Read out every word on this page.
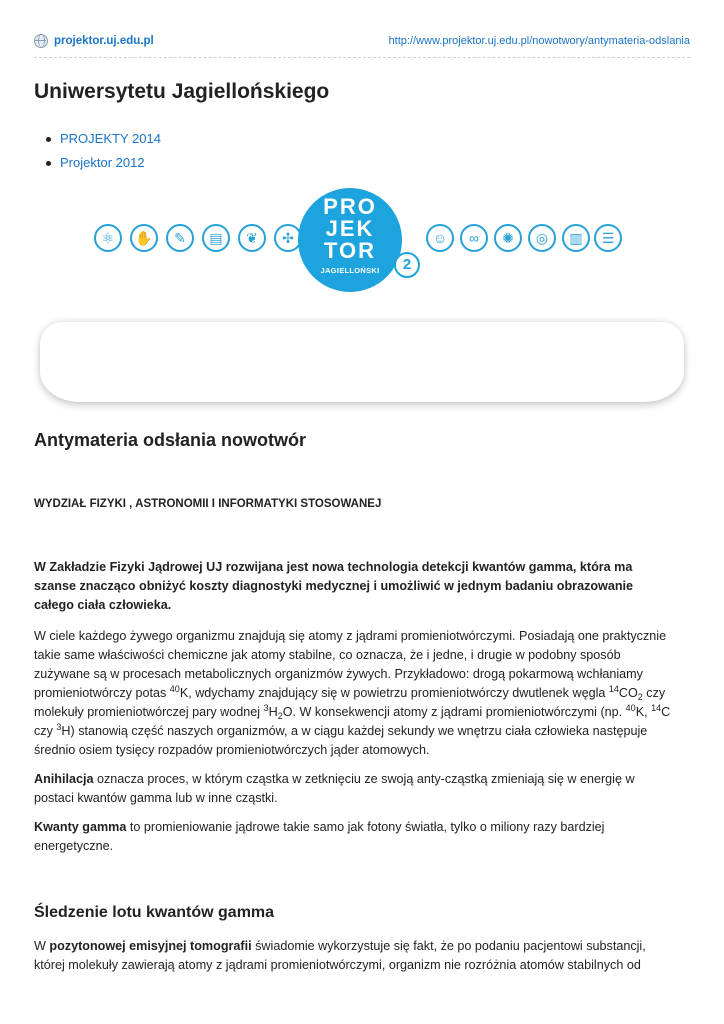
projektor.uj.edu.pl	http://www.projektor.uj.edu.pl/nowotwory/antymateria-odslania
Uniwersytetu Jagiellońskiego
PROJEKTY 2014
Projektor 2012
⚛	✋	✎	▤	❦	✣
PRO
JEK
TOR
JAGIELLOŃSKI	2
☺	∞	✺	◎	▥	☰
Antymateria odsłania nowotwór
WYDZIAŁ FIZYKI , ASTRONOMII I INFORMATYKI STOSOWANEJ

W Zakładzie Fizyki Jądrowej UJ rozwijana jest nowa technologia detekcji kwantów gamma, która ma szanse znacząco obniżyć koszty diagnostyki medycznej i umożliwić w jednym badaniu obrazowanie całego ciała człowieka.

W ciele każdego żywego organizmu znajdują się atomy z jądrami promieniotwórczymi. Posiadają one praktycznie takie same właściwości chemiczne jak atomy stabilne, co oznacza, że i jedne, i drugie w podobny sposób zużywane są w procesach metabolicznych organizmów żywych. Przykładowo: drogą pokarmową wchłaniamy promieniotwórczy potas $^{40}$K, wdychamy znajdujący się w powietrzu promieniotwórczy dwutlenek węgla $^{14}CO_2$ czy molekuły promieniotwórczej pary wodnej $^3H_2O$. W konsekwencji atomy z jądrami promieniotwórczymi (np. $^{40}$K, $^{14}$C czy $^3$H) stanowią część naszych organizmów, a w ciągu każdej sekundy we wnętrzu ciała człowieka następuje średnio osiem tysięcy rozpadów promieniotwórczych jąder atomowych.

Anihilacja oznacza proces, w którym cząstka w zetknięciu ze swoją anty-cząstką zmieniają się w energię w postaci kwantów gamma lub w inne cząstki.

Kwanty gamma to promieniowanie jądrowe takie samo jak fotony światła, tylko o miliony razy bardziej energetyczne.

Śledzenie lotu kwantów gamma

W pozytonowej emisyjnej tomografii świadomie wykorzystuje się fakt, że po podaniu pacjentowi substancji, której molekuły zawierają atomy z jądrami promieniotwórczymi, organizm nie rozróżnia atomów stabilnych od
